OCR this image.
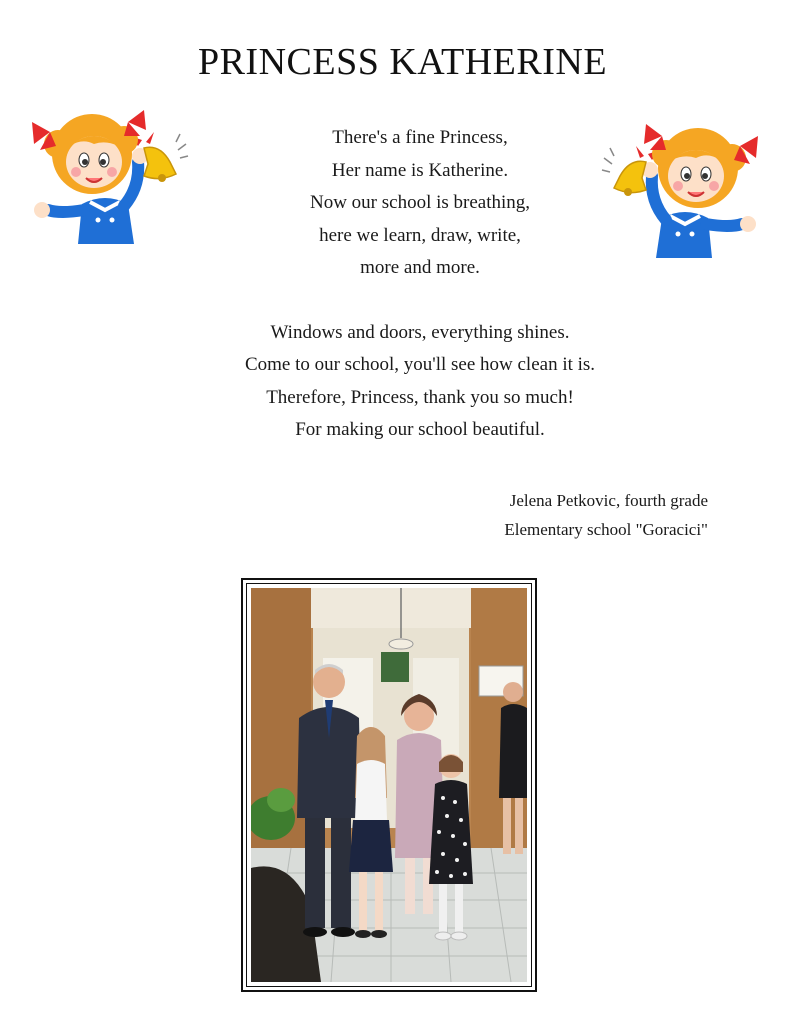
PRINCESS KATHERINE
There's a fine Princess,
Her name is Katherine.
Now our school is breathing,
here we learn, draw, write,
more and more.
Windows and doors, everything shines.
Come to our school, you'll see how clean it is.
Therefore, Princess, thank you so much!
For making our school beautiful.
Jelena Petkovic, fourth grade
Elementary school "Goracici"
